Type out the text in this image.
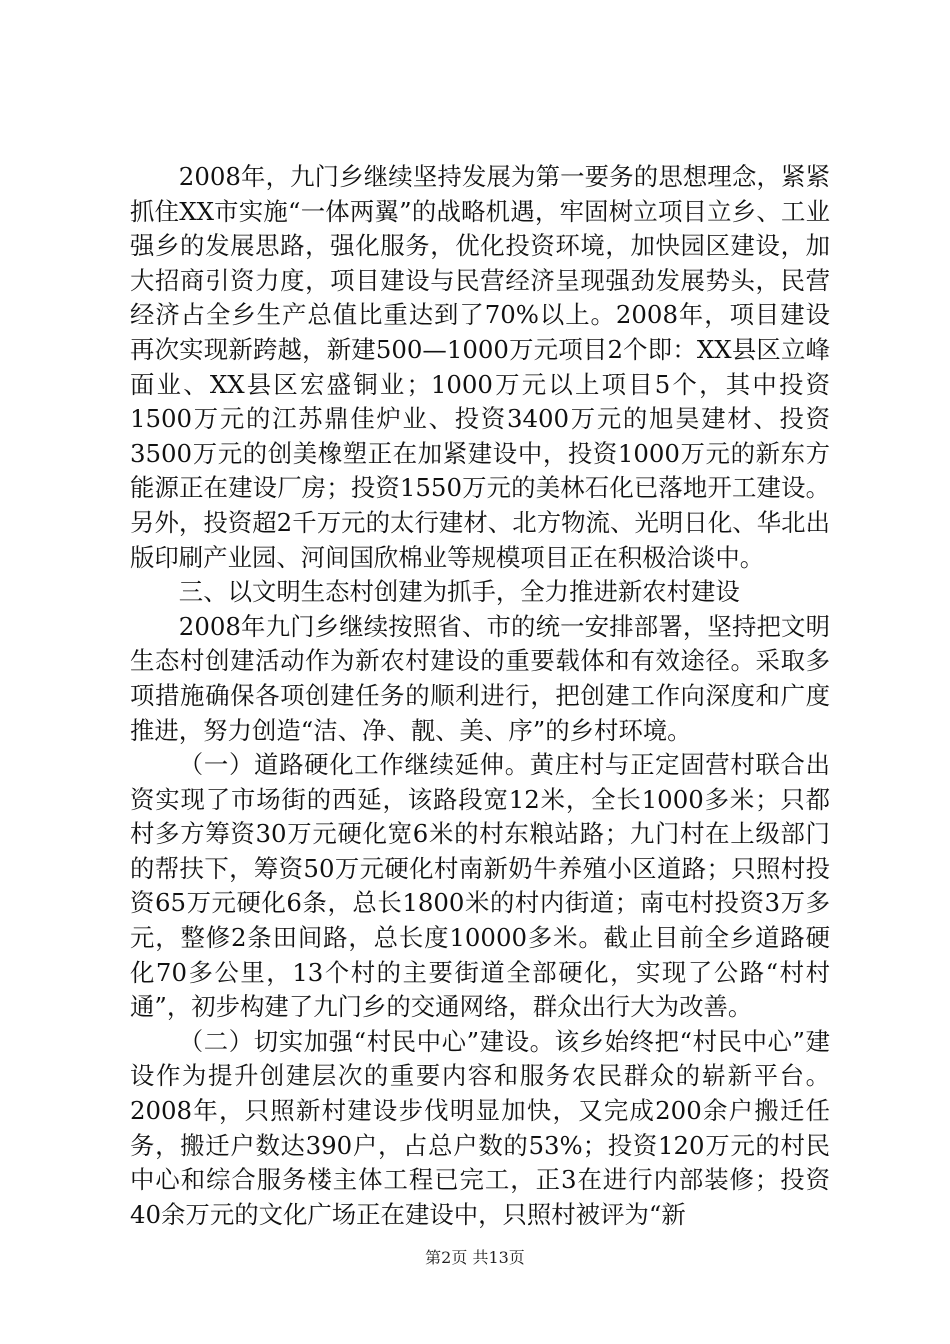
2008年，九门乡继续坚持发展为第一要务的思想理念，紧紧抓住XX市实施“一体两翼”的战略机遇，牢固树立项目立乡、工业强乡的发展思路，强化服务，优化投资环境，加快园区建设，加大招商引资力度，项目建设与民营经济呈现强劲发展势头，民营经济占全乡生产总值比重达到了70%以上。2008年，项目建设再次实现新跨越，新建500—1000万元项目2个即：XX县区立峰面业、XX县区宏盛铜业；1000万元以上项目5个，其中投资1500万元的江苏鼎佳炉业、投资3400万元的旭昊建材、投资3500万元的创美橡塑正在加紧建设中，投资1000万元的新东方能源正在建设厂房；投资1550万元的美林石化已落地开工建设。另外，投资超2千万元的太行建材、北方物流、光明日化、华北出版印刷产业园、河间国欣棉业等规模项目正在积极洽谈中。

三、以文明生态村创建为抓手，全力推进新农村建设

2008年九门乡继续按照省、市的统一安排部署，坚持把文明生态村创建活动作为新农村建设的重要载体和有效途径。采取多项措施确保各项创建任务的顺利进行，把创建工作向深度和广度推进，努力创造“洁、净、靓、美、序”的乡村环境。

（一）道路硬化工作继续延伸。黄庄村与正定固营村联合出资实现了市场街的西延，该路段宽12米，全长1000多米；只都村多方筹资30万元硬化宽6米的村东粮站路；九门村在上级部门的帮扶下，筹资50万元硬化村南新奶牛养殖小区道路；只照村投资65万元硬化6条，总长1800米的村内街道；南屯村投资3万多元，整修2条田间路，总长度10000多米。截止目前全乡道路硬化70多公里，13个村的主要街道全部硬化，实现了公路“村村通”，初步构建了九门乡的交通网络，群众出行大为改善。

（二）切实加强“村民中心”建设。该乡始终把“村民中心”建设作为提升创建层次的重要内容和服务农民群众的崭新平台。2008年，只照新村建设步伐明显加快，又完成200余户搬迁任务，搬迁户数达390户，占总户数的53%；投资120万元的村民中心和综合服务楼主体工程已完工，正3在进行内部装修；投资40余万元的文化广场正在建设中，只照村被评为“新

第2页 共13页
